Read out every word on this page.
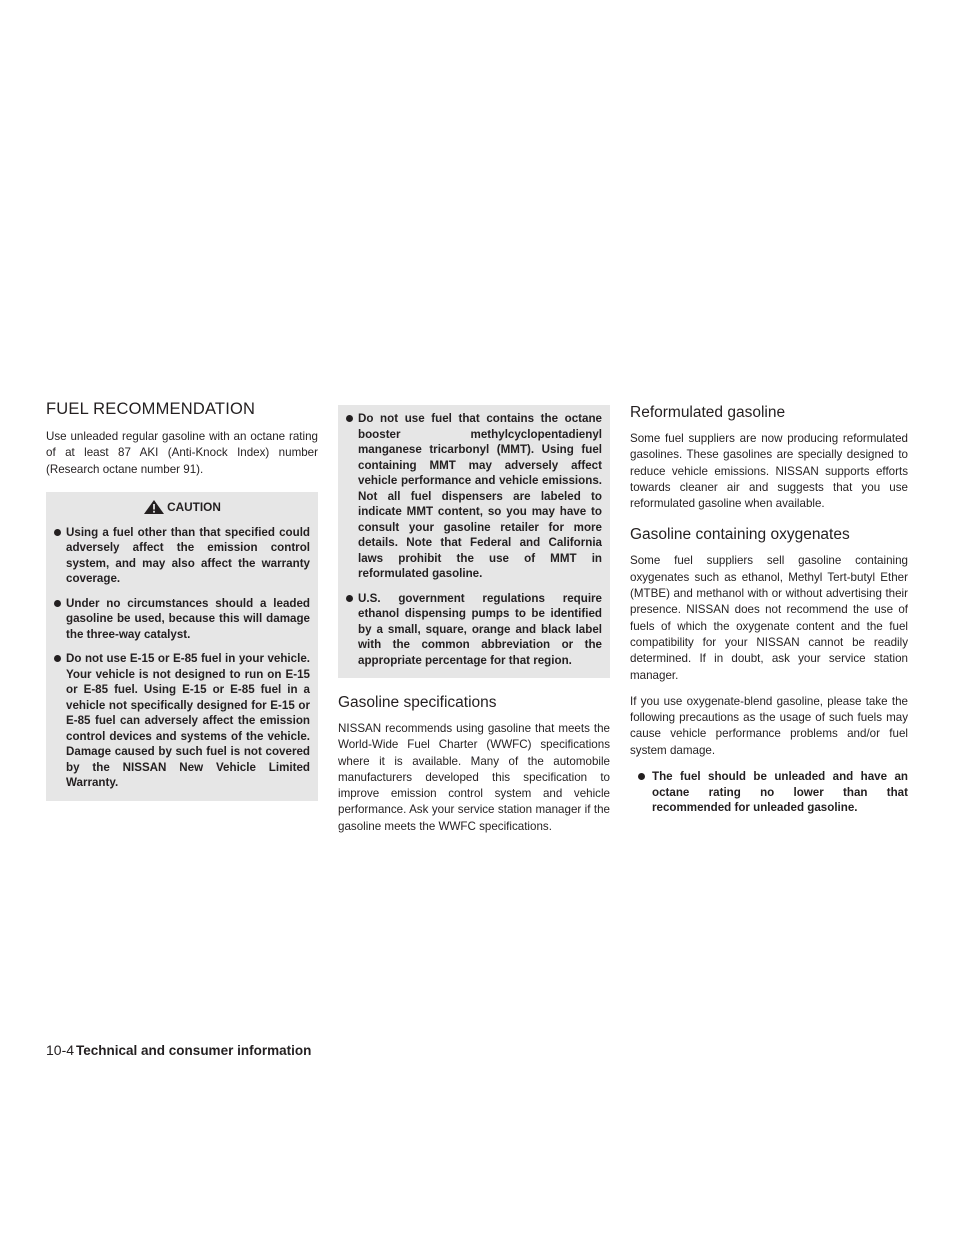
FUEL RECOMMENDATION

Use unleaded regular gasoline with an octane rating of at least 87 AKI (Anti-Knock Index) number (Research octane number 91).

CAUTION
Using a fuel other than that specified could adversely affect the emission control system, and may also affect the warranty coverage.
Under no circumstances should a leaded gasoline be used, because this will damage the three-way catalyst.
Do not use E-15 or E-85 fuel in your vehicle. Your vehicle is not designed to run on E-15 or E-85 fuel. Using E-15 or E-85 fuel in a vehicle not specifically designed for E-15 or E-85 fuel can adversely affect the emission control devices and systems of the vehicle. Damage caused by such fuel is not covered by the NISSAN New Vehicle Limited Warranty.
Do not use fuel that contains the octane booster methylcyclopentadienyl manganese tricarbonyl (MMT). Using fuel containing MMT may adversely affect vehicle performance and vehicle emissions. Not all fuel dispensers are labeled to indicate MMT content, so you may have to consult your gasoline retailer for more details. Note that Federal and California laws prohibit the use of MMT in reformulated gasoline.
U.S. government regulations require ethanol dispensing pumps to be identified by a small, square, orange and black label with the common abbreviation or the appropriate percentage for that region.
Gasoline specifications

NISSAN recommends using gasoline that meets the World-Wide Fuel Charter (WWFC) specifications where it is available. Many of the automobile manufacturers developed this specification to improve emission control system and vehicle performance. Ask your service station manager if the gasoline meets the WWFC specifications.

Reformulated gasoline

Some fuel suppliers are now producing reformulated gasolines. These gasolines are specially designed to reduce vehicle emissions. NISSAN supports efforts towards cleaner air and suggests that you use reformulated gasoline when available.

Gasoline containing oxygenates

Some fuel suppliers sell gasoline containing oxygenates such as ethanol, Methyl Tert-butyl Ether (MTBE) and methanol with or without advertising their presence. NISSAN does not recommend the use of fuels of which the oxygenate content and the fuel compatibility for your NISSAN cannot be readily determined. If in doubt, ask your service station manager.

If you use oxygenate-blend gasoline, please take the following precautions as the usage of such fuels may cause vehicle performance problems and/or fuel system damage.

The fuel should be unleaded and have an octane rating no lower than that recommended for unleaded gasoline.
10-4 Technical and consumer information
